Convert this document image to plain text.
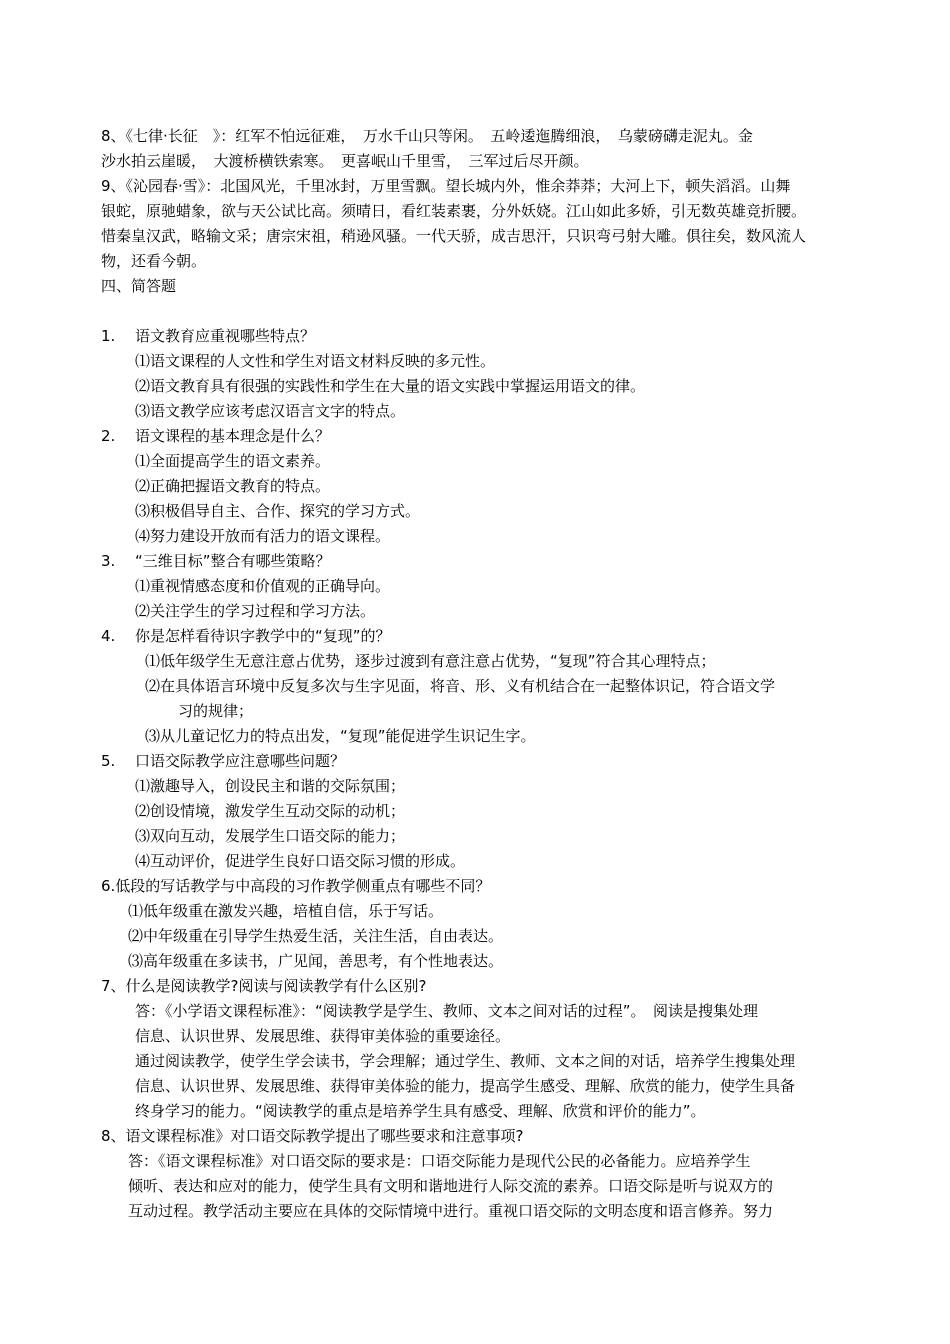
8、《七律·长征　》：红军不怕远征难，　万水千山只等闲。　五岭逶迤腾细浪，　乌蒙磅礴走泥丸。金
沙水拍云崖暖，　大渡桥横铁索寒。　更喜岷山千里雪，　三军过后尽开颜。
9、《沁园春·雪》：北国风光，千里冰封，万里雪飘。望长城内外，惟余莽莽；大河上下，顿失滔滔。山舞
银蛇，原驰蜡象，欲与天公试比高。须晴日，看红装素裹，分外妖娆。江山如此多娇，引无数英雄竞折腰。
惜秦皇汉武，略输文采；唐宗宋祖，稍逊风骚。一代天骄，成吉思汗，只识弯弓射大雕。俱往矣，数风流人
物，还看今朝。
四、简答题
1. 语文教育应重视哪些特点？
⑴语文课程的人文性和学生对语文材料反映的多元性。
⑵语文教育具有很强的实践性和学生在大量的语文实践中掌握运用语文的律。
⑶语文教学应该考虑汉语言文字的特点。
2. 语文课程的基本理念是什么？
⑴全面提高学生的语文素养。
⑵正确把握语文教育的特点。
⑶积极倡导自主、合作、探究的学习方式。
⑷努力建设开放而有活力的语文课程。
3. “三维目标”整合有哪些策略？
⑴重视情感态度和价值观的正确导向。
⑵关注学生的学习过程和学习方法。
4. 你是怎样看待识字教学中的“复现”的？
⑴低年级学生无意注意占优势，逐步过渡到有意注意占优势，“复现”符合其心理特点；
⑵在具体语言环境中反复多次与生字见面，将音、形、义有机结合在一起整体识记，符合语文学
习的规律；
⑶从儿童记忆力的特点出发，“复现”能促进学生识记生字。
5. 口语交际教学应注意哪些问题？
⑴激趣导入，创设民主和谐的交际氛围；
⑵创设情境，激发学生互动交际的动机；
⑶双向互动，发展学生口语交际的能力；
⑷互动评价，促进学生良好口语交际习惯的形成。
6.低段的写话教学与中高段的习作教学侧重点有哪些不同？
⑴低年级重在激发兴趣，培植自信，乐于写话。
⑵中年级重在引导学生热爱生活，关注生活，自由表达。
⑶高年级重在多读书，广见闻，善思考，有个性地表达。
7、什么是阅读教学?阅读与阅读教学有什么区别?
答：《小学语文课程标准》：“阅读教学是学生、教师、文本之间对话的过程”。　阅读是搜集处理
信息、认识世界、发展思维、获得审美体验的重要途径。
通过阅读教学，使学生学会读书，学会理解；通过学生、教师、文本之间的对话，培养学生搜集处理
信息、认识世界、发展思维、获得审美体验的能力，提高学生感受、理解、欣赏的能力，使学生具备
终身学习的能力。“阅读教学的重点是培养学生具有感受、理解、欣赏和评价的能力”。
8、语文课程标准》对口语交际教学提出了哪些要求和注意事项?
答：《语文课程标准》对口语交际的要求是：口语交际能力是现代公民的必备能力。应培养学生
倾听、表达和应对的能力，使学生具有文明和谐地进行人际交流的素养。口语交际是听与说双方的
互动过程。教学活动主要应在具体的交际情境中进行。重视口语交际的文明态度和语言修养。努力
